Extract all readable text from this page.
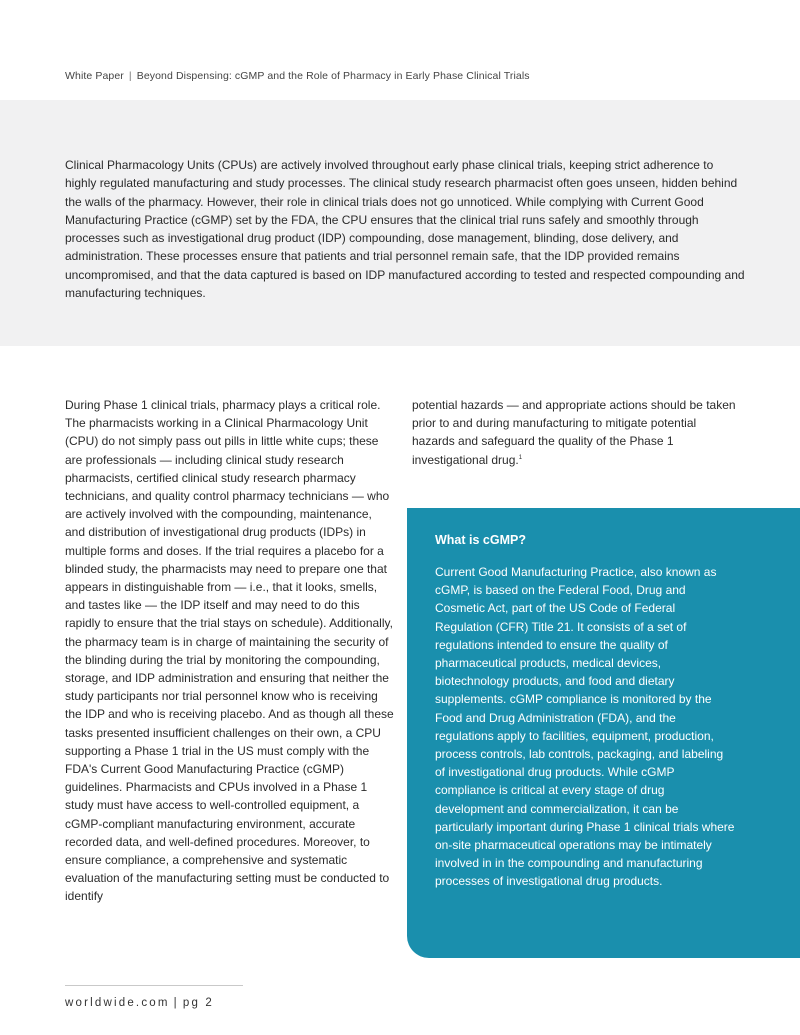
White Paper | Beyond Dispensing: cGMP and the Role of Pharmacy in Early Phase Clinical Trials

Clinical Pharmacology Units (CPUs) are actively involved throughout early phase clinical trials, keeping strict adherence to highly regulated manufacturing and study processes. The clinical study research pharmacist often goes unseen, hidden behind the walls of the pharmacy. However, their role in clinical trials does not go unnoticed. While complying with Current Good Manufacturing Practice (cGMP) set by the FDA, the CPU ensures that the clinical trial runs safely and smoothly through processes such as investigational drug product (IDP) compounding, dose management, blinding, dose delivery, and administration. These processes ensure that patients and trial personnel remain safe, that the IDP provided remains uncompromised, and that the data captured is based on IDP manufactured according to tested and respected compounding and manufacturing techniques.

During Phase 1 clinical trials, pharmacy plays a critical role. The pharmacists working in a Clinical Pharmacology Unit (CPU) do not simply pass out pills in little white cups; these are professionals — including clinical study research pharmacists, certified clinical study research pharmacy technicians, and quality control pharmacy technicians — who are actively involved with the compounding, maintenance, and distribution of investigational drug products (IDPs) in multiple forms and doses. If the trial requires a placebo for a blinded study, the pharmacists may need to prepare one that appears in distinguishable from — i.e., that it looks, smells, and tastes like — the IDP itself and may need to do this rapidly to ensure that the trial stays on schedule). Additionally, the pharmacy team is in charge of maintaining the security of the blinding during the trial by monitoring the compounding, storage, and IDP administration and ensuring that neither the study participants nor trial personnel know who is receiving the IDP and who is receiving placebo. And as though all these tasks presented insufficient challenges on their own, a CPU supporting a Phase 1 trial in the US must comply with the FDA's Current Good Manufacturing Practice (cGMP) guidelines. Pharmacists and CPUs involved in a Phase 1 study must have access to well-controlled equipment, a cGMP-compliant manufacturing environment, accurate recorded data, and well-defined procedures. Moreover, to ensure compliance, a comprehensive and systematic evaluation of the manufacturing setting must be conducted to identify

potential hazards — and appropriate actions should be taken prior to and during manufacturing to mitigate potential hazards and safeguard the quality of the Phase 1 investigational drug.$^1$

What is cGMP?

Current Good Manufacturing Practice, also known as cGMP, is based on the Federal Food, Drug and Cosmetic Act, part of the US Code of Federal Regulation (CFR) Title 21. It consists of a set of regulations intended to ensure the quality of pharmaceutical products, medical devices, biotechnology products, and food and dietary supplements. cGMP compliance is monitored by the Food and Drug Administration (FDA), and the regulations apply to facilities, equipment, production, process controls, lab controls, packaging, and labeling of investigational drug products. While cGMP compliance is critical at every stage of drug development and commercialization, it can be particularly important during Phase 1 clinical trials where on-site pharmaceutical operations may be intimately involved in in the compounding and manufacturing processes of investigational drug products.

worldwide.com | pg 2
